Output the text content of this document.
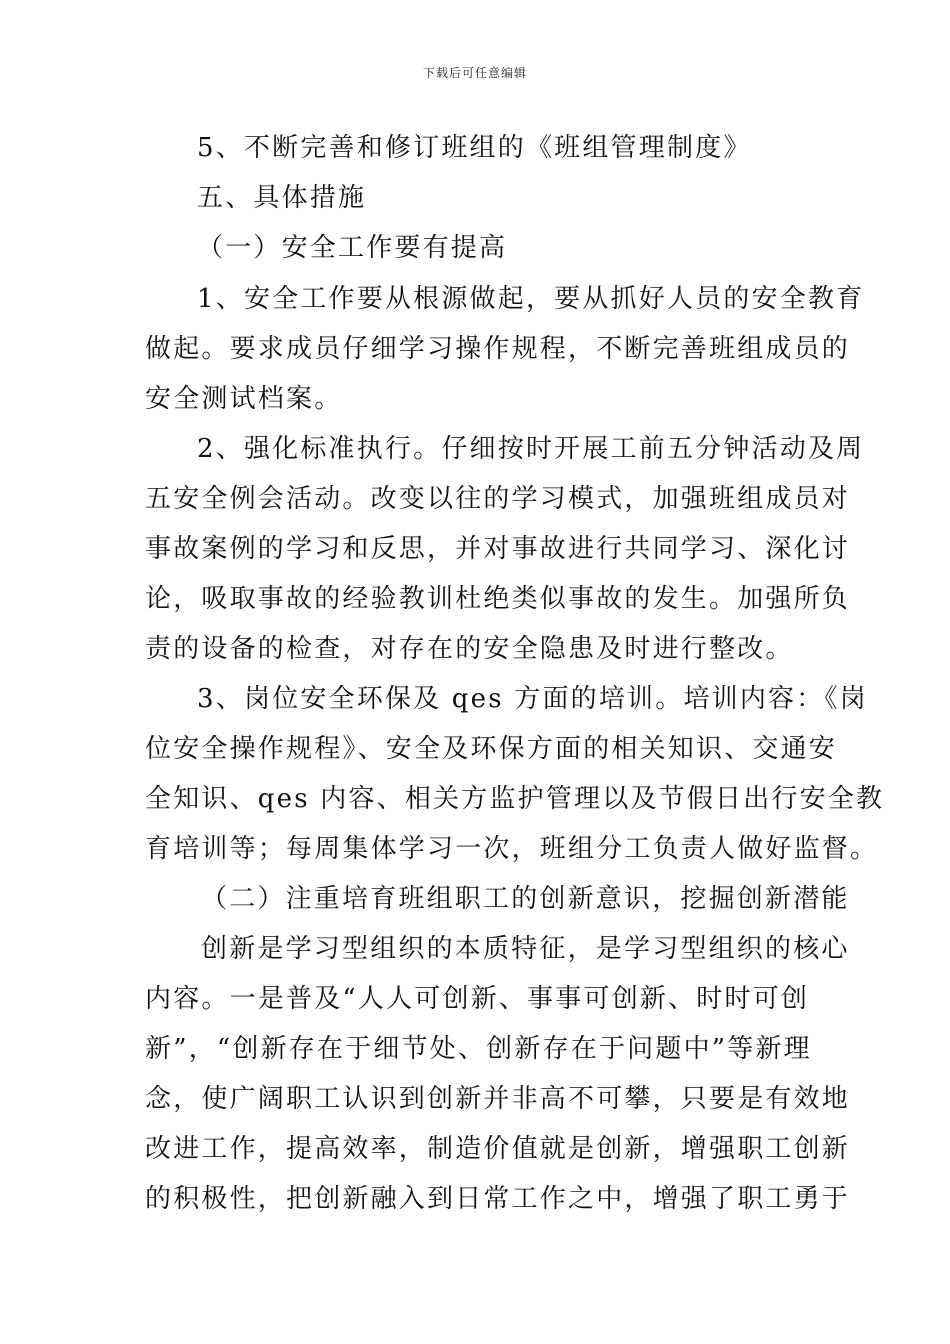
下载后可任意编辑
5、不断完善和修订班组的《班组管理制度》
五、具体措施
（一）安全工作要有提高
1、安全工作要从根源做起，要从抓好人员的安全教育
做起。要求成员仔细学习操作规程，不断完善班组成员的
安全测试档案。
2、强化标准执行。仔细按时开展工前五分钟活动及周
五安全例会活动。改变以往的学习模式，加强班组成员对
事故案例的学习和反思，并对事故进行共同学习、深化讨
论，吸取事故的经验教训杜绝类似事故的发生。加强所负
责的设备的检查，对存在的安全隐患及时进行整改。
3、岗位安全环保及 qes 方面的培训。培训内容：《岗
位安全操作规程》、安全及环保方面的相关知识、交通安
全知识、qes 内容、相关方监护管理以及节假日出行安全教
育培训等；每周集体学习一次，班组分工负责人做好监督。
（二）注重培育班组职工的创新意识，挖掘创新潜能
创新是学习型组织的本质特征，是学习型组织的核心
内容。一是普及“人人可创新、事事可创新、时时可创
新”，“创新存在于细节处、创新存在于问题中”等新理
念，使广阔职工认识到创新并非高不可攀，只要是有效地
改进工作，提高效率，制造价值就是创新，增强职工创新
的积极性，把创新融入到日常工作之中，增强了职工勇于
